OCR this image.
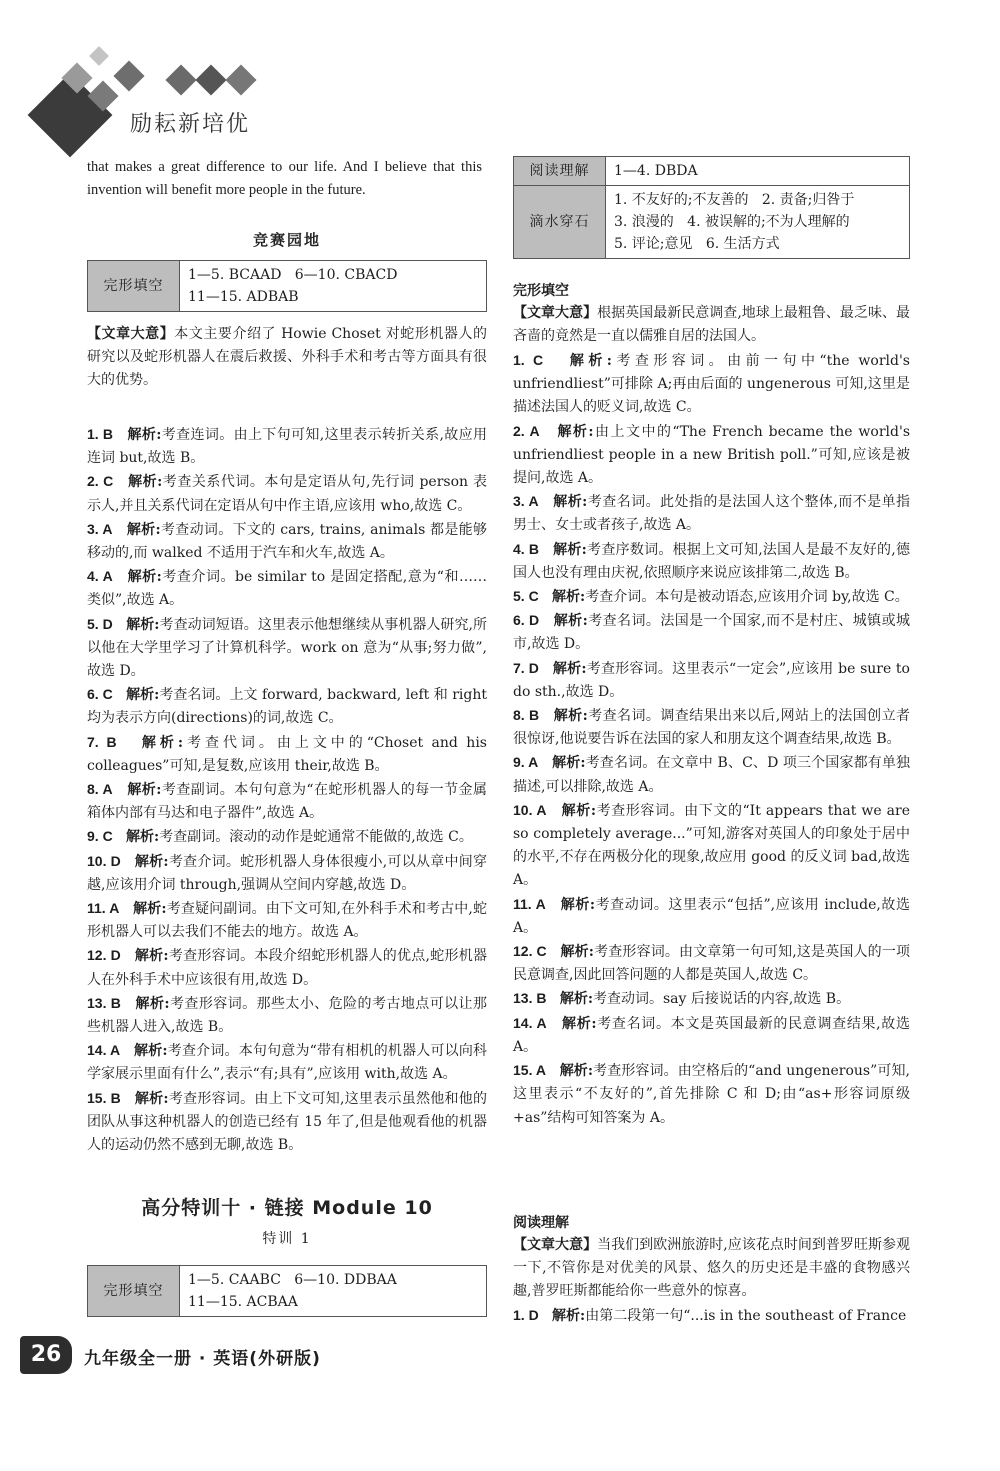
励耘新培优
that makes a great difference to our life. And I believe that this invention will benefit more people in the future.
竞赛园地
完形填空	
1—5. BCAAD   6—10. CBACD
11—15. ADBAB
【文章大意】本文主要介绍了 Howie Choset 对蛇形机器人的研究以及蛇形机器人在震后救援、外科手术和考古等方面具有很大的优势。
1. B 解析:考查连词。由上下句可知,这里表示转折关系,故应用连词 but,故选 B。
2. C 解析:考查关系代词。本句是定语从句,先行词 person 表示人,并且关系代词在定语从句中作主语,应该用 who,故选 C。
3. A 解析:考查动词。下文的 cars, trains, animals 都是能够移动的,而 walked 不适用于汽车和火车,故选 A。
4. A 解析:考查介词。be similar to 是固定搭配,意为“和……类似”,故选 A。
5. D 解析:考查动词短语。这里表示他想继续从事机器人研究,所以他在大学里学习了计算机科学。work on 意为“从事;努力做”,故选 D。
6. C 解析:考查名词。上文 forward, backward, left 和 right 均为表示方向(directions)的词,故选 C。
7. B 解析:考查代词。由上文中的“Choset and his colleagues”可知,是复数,应该用 their,故选 B。
8. A 解析:考查副词。本句句意为“在蛇形机器人的每一节金属箱体内部有马达和电子器件”,故选 A。
9. C 解析:考查副词。滚动的动作是蛇通常不能做的,故选 C。
10. D 解析:考查介词。蛇形机器人身体很瘦小,可以从章中间穿越,应该用介词 through,强调从空间内穿越,故选 D。
11. A 解析:考查疑问副词。由下文可知,在外科手术和考古中,蛇形机器人可以去我们不能去的地方。故选 A。
12. D 解析:考查形容词。本段介绍蛇形机器人的优点,蛇形机器人在外科手术中应该很有用,故选 D。
13. B 解析:考查形容词。那些太小、危险的考古地点可以让那些机器人进入,故选 B。
14. A 解析:考查介词。本句句意为“带有相机的机器人可以向科学家展示里面有什么”,表示“有;具有”,应该用 with,故选 A。
15. B 解析:考查形容词。由上下文可知,这里表示虽然他和他的团队从事这种机器人的创造已经有 15 年了,但是他观看他的机器人的运动仍然不感到无聊,故选 B。
高分特训十 · 链接 Module 10
特训 1
完形填空	
1—5. CAABC   6—10. DDBAA
11—15. ACBAA
阅读理解	1—4. DBDA
滴水穿石	1. 不友好的;不友善的   2. 责备;归咎于
3. 浪漫的   4. 被误解的;不为人理解的
5. 评论;意见   6. 生活方式
完形填空
【文章大意】根据英国最新民意调查,地球上最粗鲁、最乏味、最吝啬的竟然是一直以儒雅自居的法国人。
1. C 解析:考查形容词。由前一句中“the world's unfriendliest”可排除 A;再由后面的 ungenerous 可知,这里是描述法国人的贬义词,故选 C。
2. A 解析:由上文中的“The French became the world's unfriendliest people in a new British poll.”可知,应该是被提问,故选 A。
3. A 解析:考查名词。此处指的是法国人这个整体,而不是单指男士、女士或者孩子,故选 A。
4. B 解析:考查序数词。根据上文可知,法国人是最不友好的,德国人也没有理由庆祝,依照顺序来说应该排第二,故选 B。
5. C 解析:考查介词。本句是被动语态,应该用介词 by,故选 C。
6. D 解析:考查名词。法国是一个国家,而不是村庄、城镇或城市,故选 D。
7. D 解析:考查形容词。这里表示“一定会”,应该用 be sure to do sth.,故选 D。
8. B 解析:考查名词。调查结果出来以后,网站上的法国创立者很惊讶,他说要告诉在法国的家人和朋友这个调查结果,故选 B。
9. A 解析:考查名词。在文章中 B、C、D 项三个国家都有单独描述,可以排除,故选 A。
10. A 解析:考查形容词。由下文的“It appears that we are so completely average...”可知,游客对英国人的印象处于居中的水平,不存在两极分化的现象,故应用 good 的反义词 bad,故选 A。
11. A 解析:考查动词。这里表示“包括”,应该用 include,故选 A。
12. C 解析:考查形容词。由文章第一句可知,这是英国人的一项民意调查,因此回答问题的人都是英国人,故选 C。
13. B 解析:考查动词。say 后接说话的内容,故选 B。
14. A 解析:考查名词。本文是英国最新的民意调查结果,故选 A。
15. A 解析:考查形容词。由空格后的“and ungenerous”可知,这里表示“不友好的”,首先排除 C 和 D;由“as+形容词原级+as”结构可知答案为 A。
阅读理解
【文章大意】当我们到欧洲旅游时,应该花点时间到普罗旺斯参观一下,不管你是对优美的风景、悠久的历史还是丰盛的食物感兴趣,普罗旺斯都能给你一些意外的惊喜。
1. D 解析:由第二段第一句“...is in the southeast of France
26	九年级全一册 · 英语(外研版)
